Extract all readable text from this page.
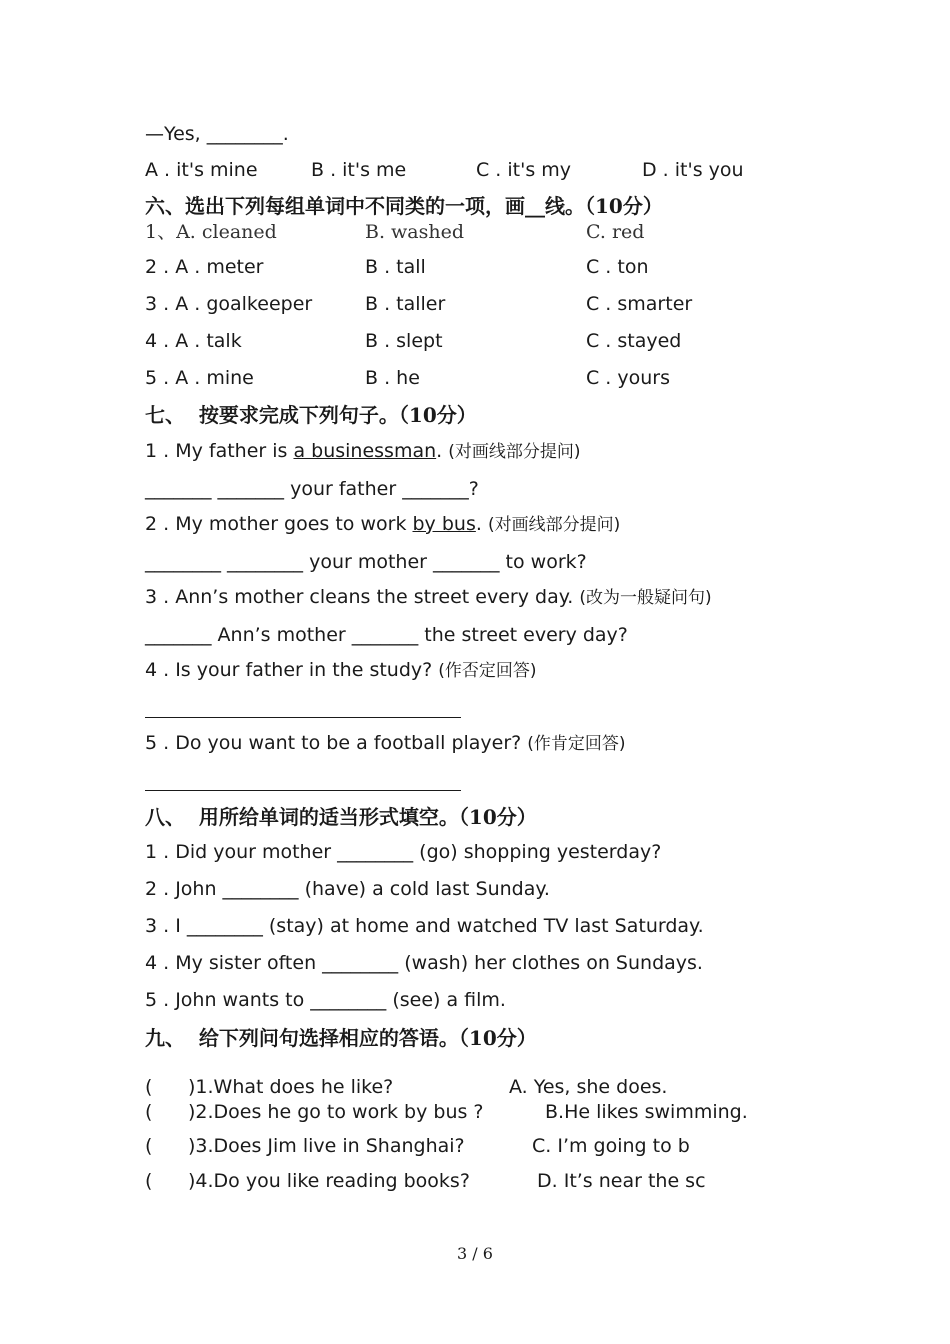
—Yes, ________.
A . it's mine	B . it's me	C . it's my	D . it's you
六、选出下列每组单词中不同类的一项，画__线。（10分）
1、A. cleaned	B. washed	C. red
2 . A . meter	B . tall	C . ton
3 . A . goalkeeper	B . taller	C . smarter
4 . A . talk	B . slept	C . stayed
5 . A . mine	B . he	C . yours
七、  按要求完成下列句子。（10分）
1 . My father is a businessman. (对画线部分提问)
_______ _______ your father _______?
2 . My mother goes to work by bus. (对画线部分提问)
________ ________ your mother _______ to work?
3 . Ann’s mother cleans the street every day. (改为一般疑问句)
_______ Ann’s mother _______ the street every day?
4 . Is your father in the study? (作否定回答)
5 . Do you want to be a football player? (作肯定回答)
八、  用所给单词的适当形式填空。（10分）
1 . Did your mother ________ (go) shopping yesterday?
2 . John ________ (have) a cold last Sunday.
3 . I ________ (stay) at home and watched TV last Saturday.
4 . My sister often ________ (wash) her clothes on Sundays.
5 . John wants to ________ (see) a film.
九、  给下列问句选择相应的答语。（10分）
( )1.What does he like?	A. Yes, she does.
( )2.Does he go to work by bus ?	B.He likes swimming.
( )3.Does Jim live in Shanghai?	C. I’m going to b
( )4.Do you like reading books?	D. It’s near the sc
3 / 6
